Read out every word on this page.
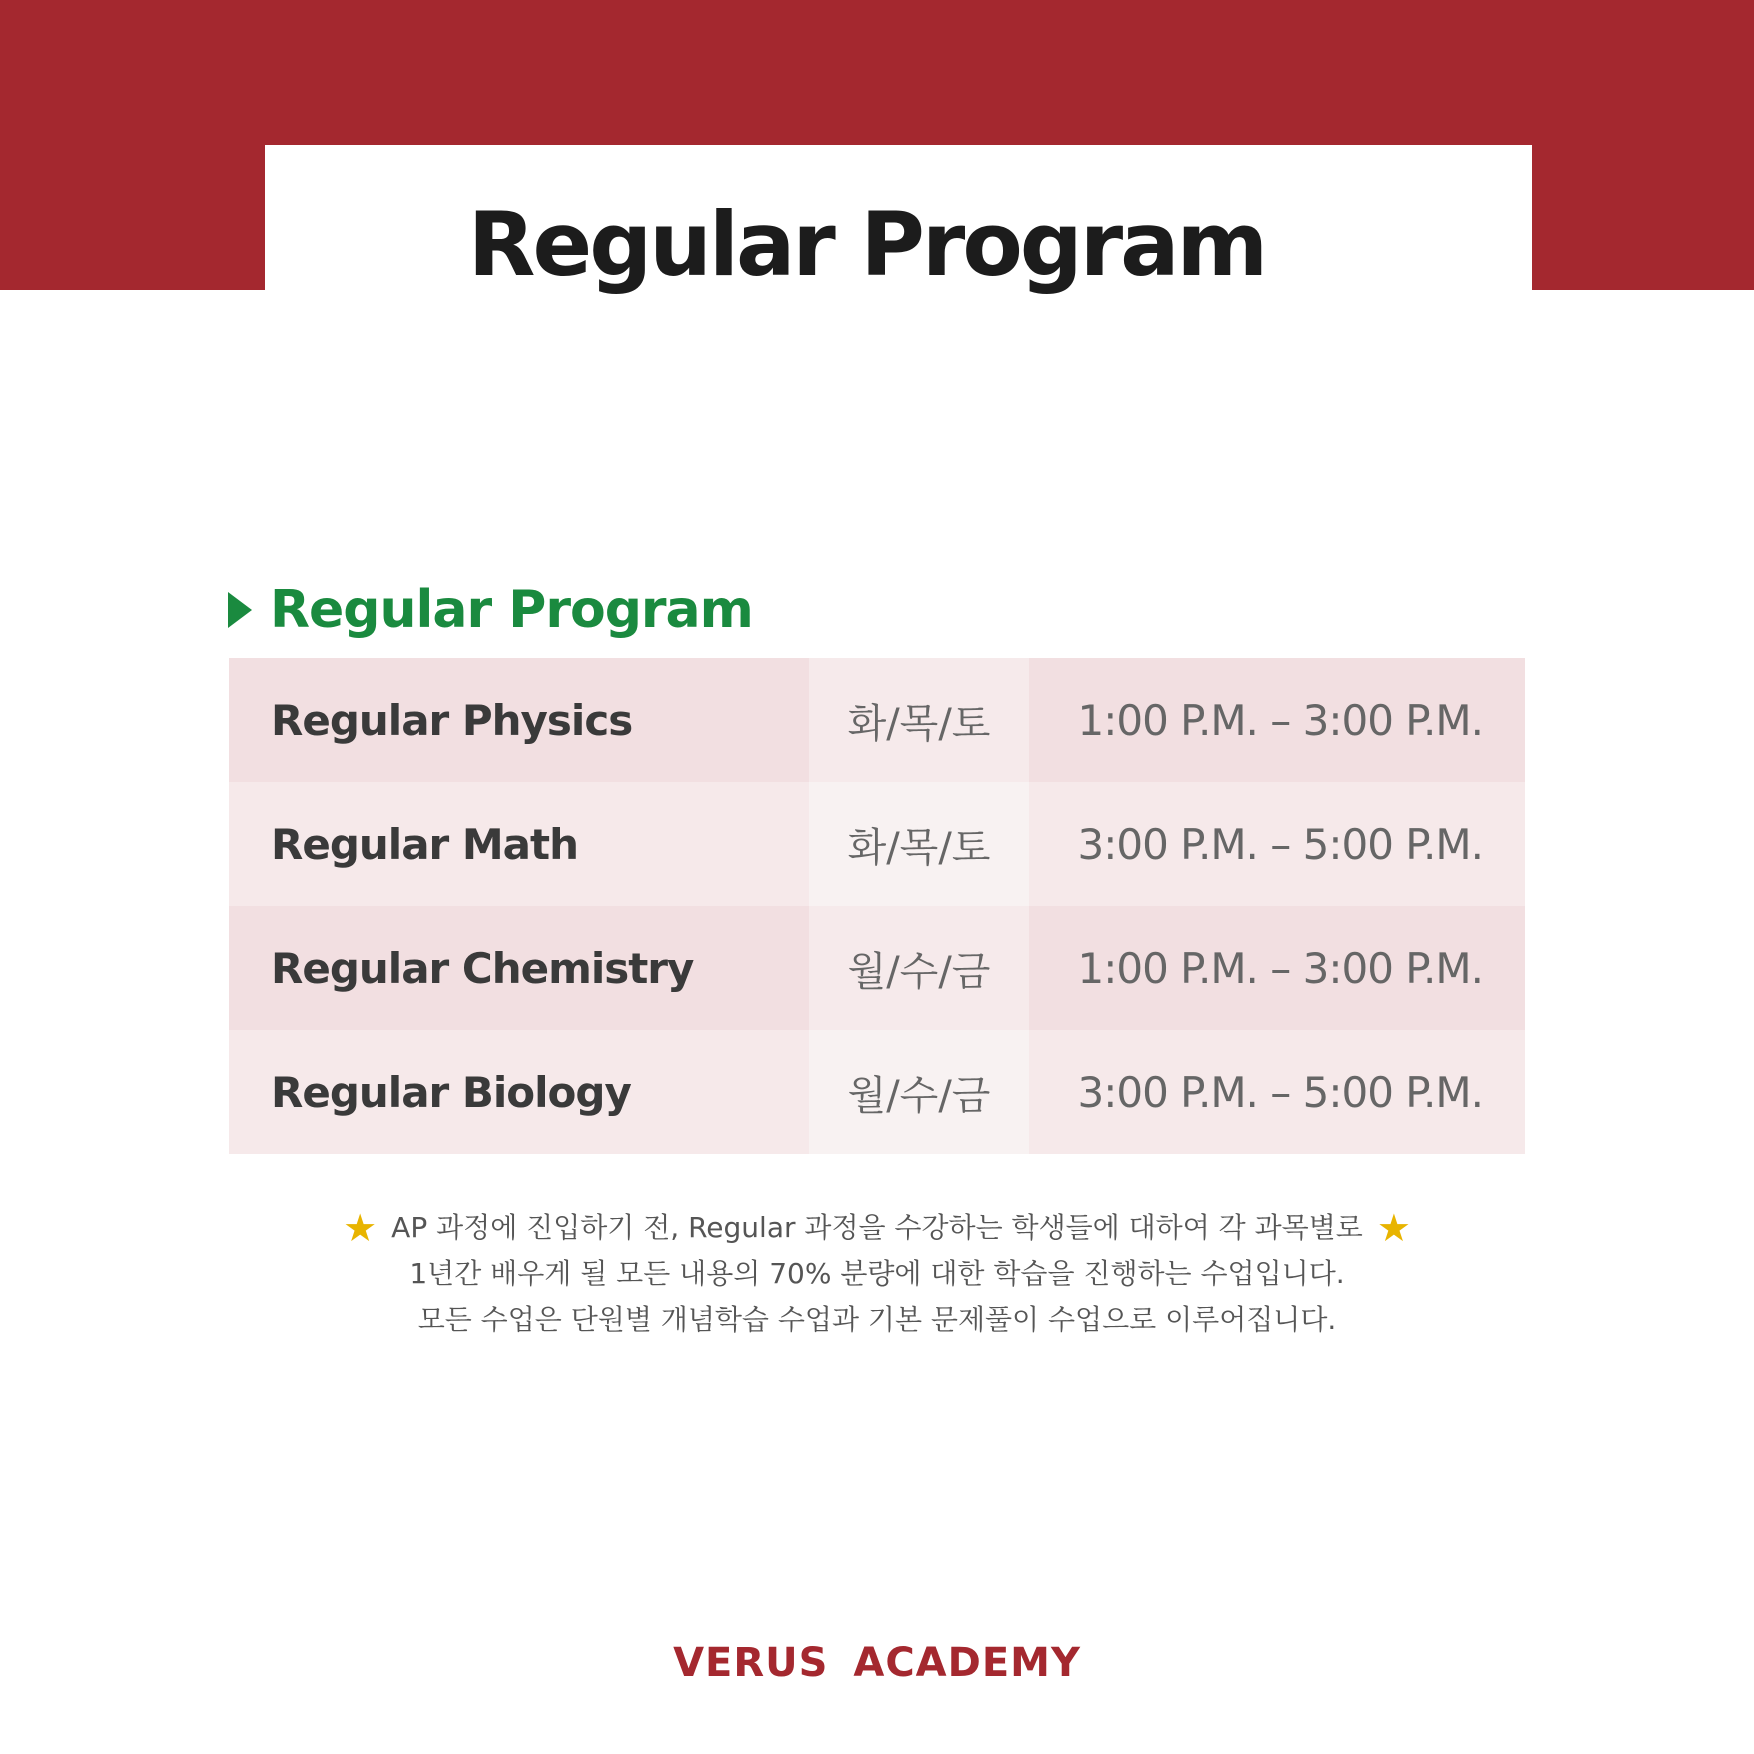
Regular Program
Regular Program
Regular Physics	화/목/토	1:00 P.M. – 3:00 P.M.
Regular Math	화/목/토	3:00 P.M. – 5:00 P.M.
Regular Chemistry	월/수/금	1:00 P.M. – 3:00 P.M.
Regular Biology	월/수/금	3:00 P.M. – 5:00 P.M.
★ AP 과정에 진입하기 전, Regular 과정을 수강하는 학생들에 대하여 각 과목별로 ★
1년간 배우게 될 모든 내용의 70% 분량에 대한 학습을 진행하는 수업입니다.
모든 수업은 단원별 개념학습 수업과 기본 문제풀이 수업으로 이루어집니다.
VERUS ACADEMY
